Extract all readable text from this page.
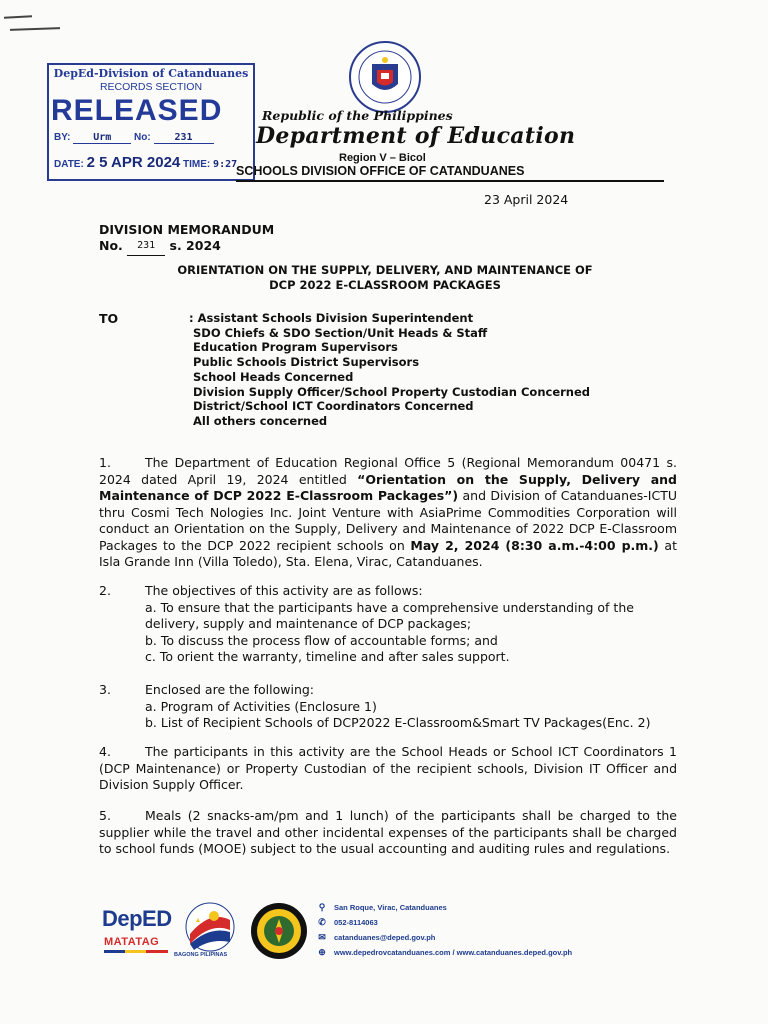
DepEd-Division of Catanduanes
RECORDS SECTION
RELEASED
BY: Urm No: 231
DATE: 2 5 APR 2024 TIME: 9:27
Republic of the Philippines
Department of Education
Region V – Bicol
SCHOOLS DIVISION OFFICE OF CATANDUANES
23 April 2024
DIVISION MEMORANDUM
No. 231 s. 2024
ORIENTATION ON THE SUPPLY, DELIVERY, AND MAINTENANCE OF
DCP 2022 E-CLASSROOM PACKAGES
TO	: Assistant Schools Division Superintendent
SDO Chiefs & SDO Section/Unit Heads & Staff
Education Program Supervisors
Public Schools District Supervisors
School Heads Concerned
Division Supply Officer/School Property Custodian Concerned
District/School ICT Coordinators Concerned
All others concerned

1.	The Department of Education Regional Office 5 (Regional Memorandum 00471 s. 2024 dated April 19, 2024 entitled “Orientation on the Supply, Delivery and Maintenance of DCP 2022 E-Classroom Packages”) and Division of Catanduanes-ICTU thru Cosmi Tech Nologies Inc. Joint Venture with AsiaPrime Commodities Corporation will conduct an Orientation on the Supply, Delivery and Maintenance of 2022 DCP E-Classroom Packages to the DCP 2022 recipient schools on May 2, 2024 (8:30 a.m.-4:00 p.m.) at Isla Grande Inn (Villa Toledo), Sta. Elena, Virac, Catanduanes.

2.	The objectives of this activity are as follows:

a. To ensure that the participants have a comprehensive understanding of the delivery, supply and maintenance of DCP packages;
b. To discuss the process flow of accountable forms; and
c. To orient the warranty, timeline and after sales support.

3.	Enclosed are the following:

a. Program of Activities (Enclosure 1)
b. List of Recipient Schools of DCP2022 E-Classroom&Smart TV Packages(Enc. 2)

4.	The participants in this activity are the School Heads or School ICT Coordinators 1 (DCP Maintenance) or Property Custodian of the recipient schools, Division IT Officer and Division Supply Officer.

5.	Meals (2 snacks-am/pm and 1 lunch) of the participants shall be charged to the supplier while the travel and other incidental expenses of the participants shall be charged to school funds (MOOE) subject to the usual accounting and auditing rules and regulations.

DepED
MATATAG
BAGONG PILIPINAS
⚲ San Roque, Virac, Catanduanes
✆ 052-8114063
✉ catanduanes@deped.gov.ph
⊕ www.depedrovcatanduanes.com / www.catanduanes.deped.gov.ph
